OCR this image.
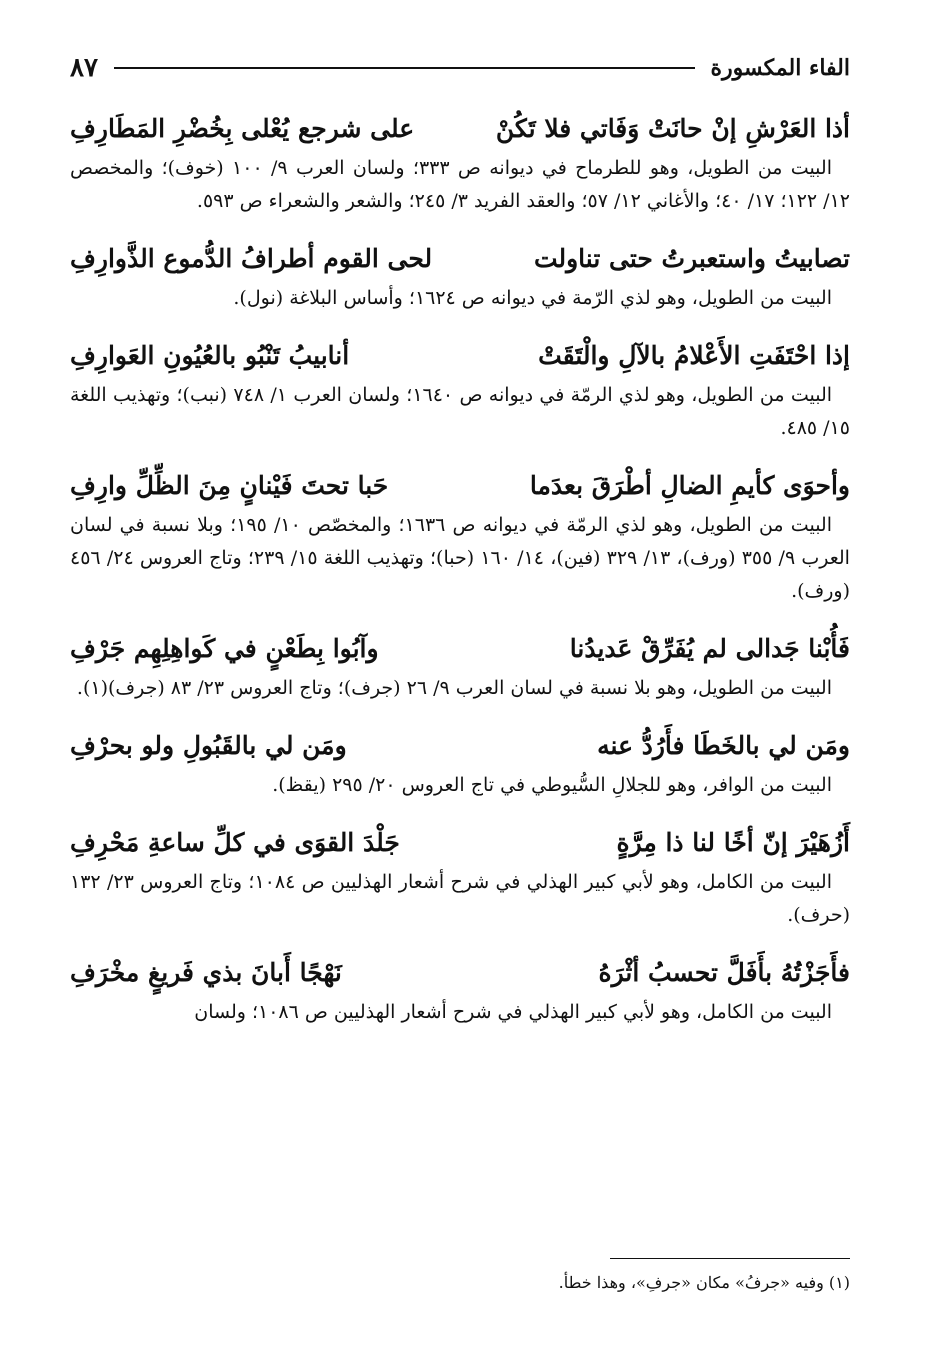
الفاء المكسورة
٨٧
أذا العَرْشِ إنْ حانَتْ وَفَاتي فلا تَكُنْ
على شرجع يُعْلى بِخُضْرِ المَطَارِفِ
البيت من الطويل، وهو للطرماح في ديوانه ص ٣٣٣؛ ولسان العرب ٩/ ١٠٠ (خوف)؛ والمخصص ١٢/ ١٢٢؛ ١٧/ ٤٠؛ والأغاني ١٢/ ٥٧؛ والعقد الفريد ٣/ ٢٤٥؛ والشعر والشعراء ص ٥٩٣.
تصابيتُ واستعبرتُ حتى تناولت
لحى القوم أطرافُ الدُّموع الذَّوارِفِ
البيت من الطويل، وهو لذي الرّمة في ديوانه ص ١٦٢٤؛ وأساس البلاغة (نول).
إذا احْتَفَتِ الأَعْلامُ بالآلِ والْتَقَتْ
أنابيبُ تَنْبُو بالعُيُونِ العَوارِفِ
البيت من الطويل، وهو لذي الرمّة في ديوانه ص ١٦٤٠؛ ولسان العرب ١/ ٧٤٨ (نبب)؛ وتهذيب اللغة ١٥/ ٤٨٥.
وأحوَى كأيمِ الضالِ أطْرَقَ بعدَما
حَبا تحتَ فَيْنانٍ مِنَ الظِّلِّ وارِفِ
البيت من الطويل، وهو لذي الرمّة في ديوانه ص ١٦٣٦؛ والمخصّص ١٠/ ١٩٥؛ وبلا نسبة في لسان العرب ٩/ ٣٥٥ (ورف)، ١٣/ ٣٢٩ (فين)، ١٤/ ١٦٠ (حبا)؛ وتهذيب اللغة ١٥/ ٢٣٩؛ وتاج العروس ٢٤/ ٤٥٦ (ورف).
فَأُبْنا جَدالى لم يُفَرِّقْ عَديدُنا
وآبُوا بِطَعْنٍ في كَواهِلِهِم جَرْفِ
البيت من الطويل، وهو بلا نسبة في لسان العرب ٩/ ٢٦ (جرف)؛ وتاج العروس ٢٣/ ٨٣ (جرف)(١).
ومَن لي بالخَطَا فأَرُدُّ عنه
ومَن لي بالقَبُولِ ولو بحرْفِ
البيت من الوافر، وهو للجلالِ السُّيوطي في تاج العروس ٢٠/ ٢٩٥ (يقظ).
أَزُهَيْرَ إنّ أخًا لنا ذا مِرَّةٍ
جَلْدَ القوَى في كلِّ ساعةِ مَحْرِفِ
البيت من الكامل، وهو لأبي كبير الهذلي في شرح أشعار الهذليين ص ١٠٨٤؛ وتاج العروس ٢٣/ ١٣٢ (حرف).
فأَجَزْتُهُ بأَفَلَّ تحسبُ أثْرَهُ
نَهْجًا أَبانَ بذي فَريغٍ مخْرَفِ
البيت من الكامل، وهو لأبي كبير الهذلي في شرح أشعار الهذليين ص ١٠٨٦؛ ولسان
(١) وفيه «جرفُ» مكان «جرفِ»، وهذا خطأ.
